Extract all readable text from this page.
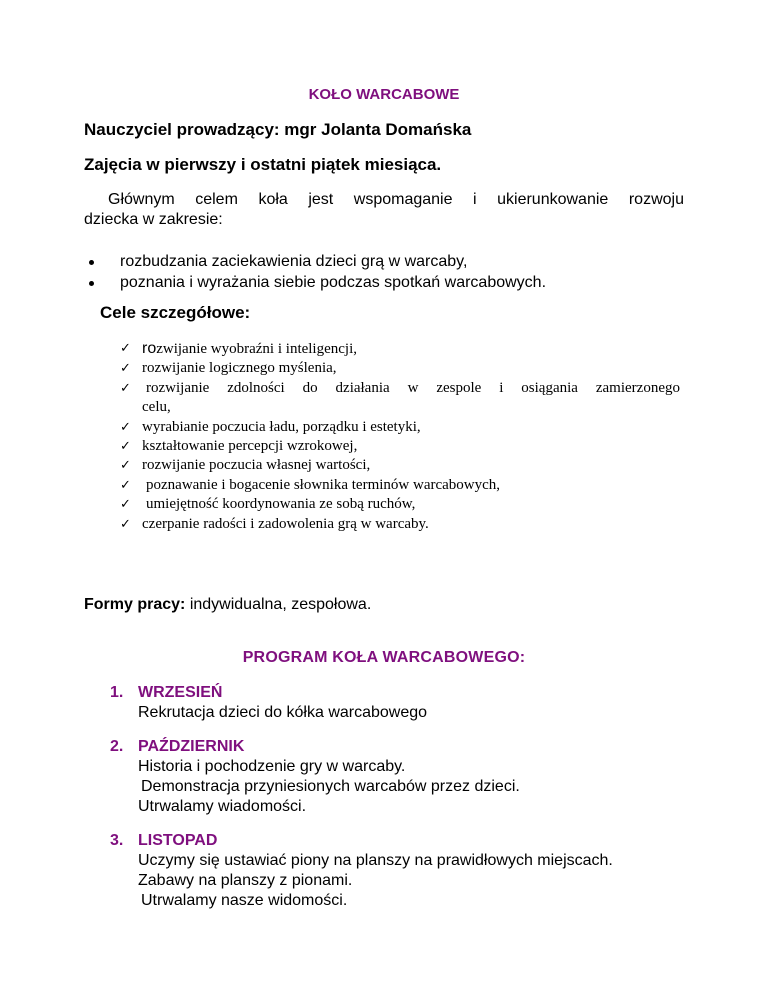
KOŁO WARCABOWE
Nauczyciel prowadzący: mgr Jolanta Domańska
Zajęcia w pierwszy i ostatni piątek miesiąca.
Głównym celem koła jest wspomaganie i ukierunkowanie rozwoju
dziecka w zakresie:
rozbudzania zaciekawienia dzieci grą w warcaby,
poznania i wyrażania siebie podczas spotkań warcabowych.
Cele szczegółowe:
✓ rozwijanie wyobraźni i inteligencji,
✓ rozwijanie logicznego myślenia,
✓ rozwijanie zdolności do działania w zespole i osiągania zamierzonego
celu,
✓ wyrabianie poczucia ładu, porządku i estetyki,
✓ kształtowanie percepcji wzrokowej,
✓ rozwijanie poczucia własnej wartości,
✓ poznawanie i bogacenie słownika terminów warcabowych,
✓ umiejętność koordynowania ze sobą ruchów,
✓ czerpanie radości i zadowolenia grą w warcaby.
Formy pracy: indywidualna, zespołowa.
PROGRAM KOŁA WARCABOWEGO:
1. WRZESIEŃ
Rekrutacja dzieci do kółka warcabowego
2. PAŹDZIERNIK
Historia i pochodzenie gry w warcaby.
Demonstracja przyniesionych warcabów przez dzieci.
Utrwalamy wiadomości.
3. LISTOPAD
Uczymy się ustawiać piony na planszy na prawidłowych miejscach.
Zabawy na planszy z pionami.
Utrwalamy nasze widomości.
